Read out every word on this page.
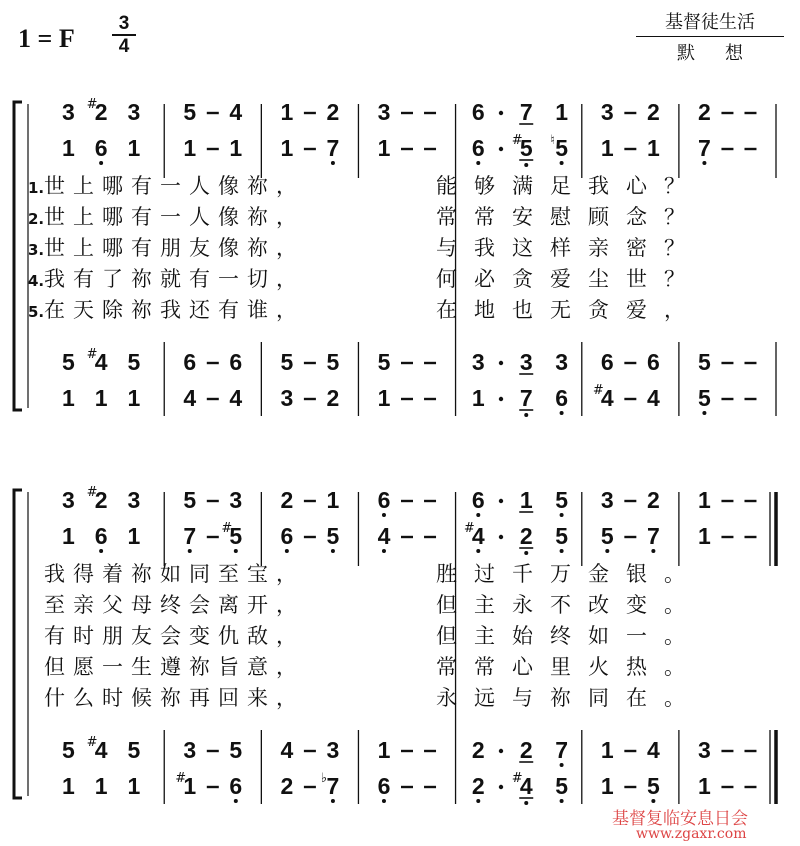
1 = F
3
4
基督徒生活
默想
3 2
# 3
1 6 1
5 4
# 5
1 1 1
5 4
1 1
6 6
4 4
1 2
1 7
5 5
3 2
3
1
5
1
6 7 1
6 5
# 5
♮
3 3 3
1 7 6
3 2
1 1
6 6
4
# 4
2
7
5
5
3 2
# 3
1 6 1
5 4
# 5
1 1 1
5 3
7 5
#
3 5
1
# 6
2 1
6 5
4 3
2 7
♭
6
4
1
6
6 1 5
4
# 2 5
2 2 7
2 4
# 5
3 2
5 7
1 4
1 5
1
1
3
1
基督复临安息日会
www.zgaxr.com
1. 世上哪有一人像祢，	能够满足我心？
2. 世上哪有一人像祢，	常常安慰顾念？
3. 世上哪有朋友像祢，	与我这样亲密？
4. 我有了祢就有一切，	何必贪爱尘世？
5. 在天除祢我还有谁，	在地也无贪爱，
我得着祢如同至宝，	胜过千万金银。
至亲父母终会离开，	但主永不改变。
有时朋友会变仇敌，	但主始终如一。
但愿一生遵祢旨意，	常常心里火热。
什么时候祢再回来，	永远与祢同在。
